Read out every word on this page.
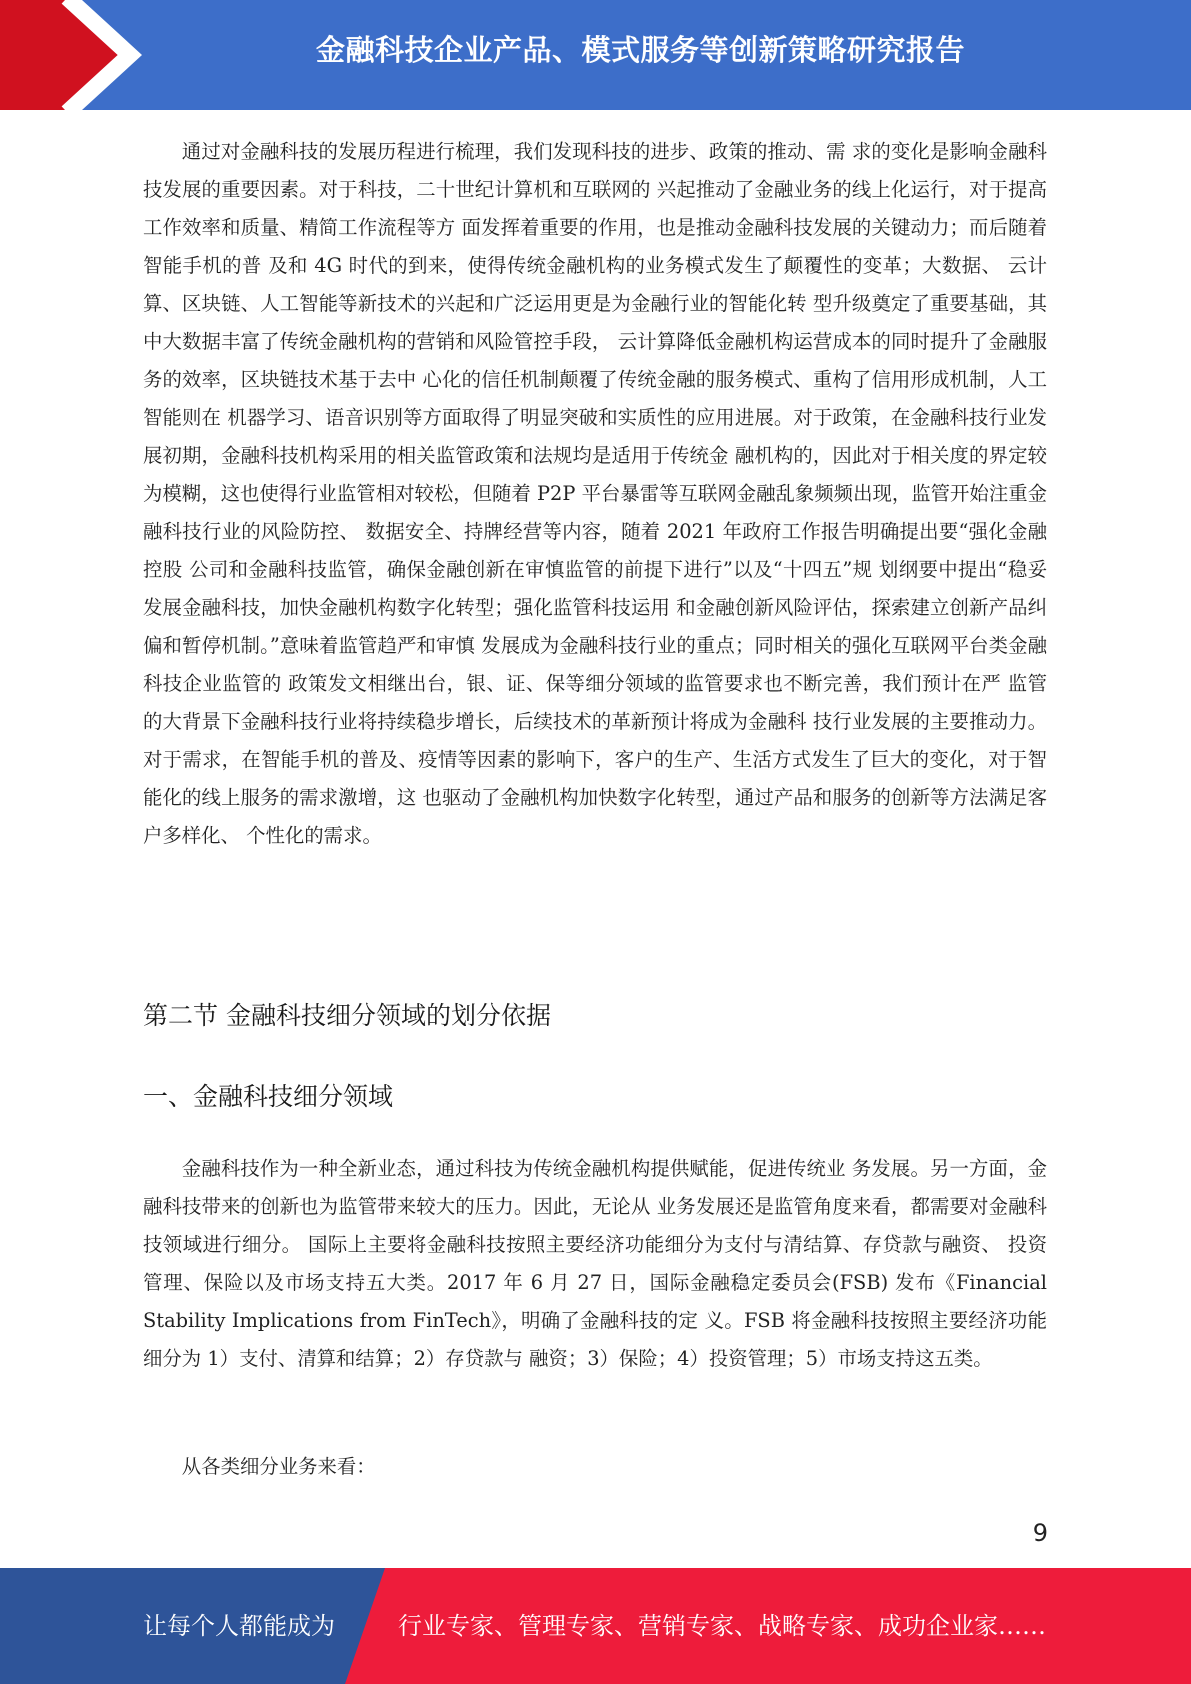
金融科技企业产品、模式服务等创新策略研究报告

通过对金融科技的发展历程进行梳理，我们发现科技的进步、政策的推动、需 求的变化是影响金融科技发展的重要因素。对于科技，二十世纪计算机和互联网的 兴起推动了金融业务的线上化运行，对于提高工作效率和质量、精简工作流程等方 面发挥着重要的作用，也是推动金融科技发展的关键动力；而后随着智能手机的普 及和 4G 时代的到来，使得传统金融机构的业务模式发生了颠覆性的变革；大数据、 云计算、区块链、人工智能等新技术的兴起和广泛运用更是为金融行业的智能化转 型升级奠定了重要基础，其中大数据丰富了传统金融机构的营销和风险管控手段， 云计算降低金融机构运营成本的同时提升了金融服务的效率，区块链技术基于去中 心化的信任机制颠覆了传统金融的服务模式、重构了信用形成机制，人工智能则在 机器学习、语音识别等方面取得了明显突破和实质性的应用进展。对于政策，在金融科技行业发展初期，金融科技机构采用的相关监管政策和法规均是适用于传统金 融机构的，因此对于相关度的界定较为模糊，这也使得行业监管相对较松，但随着 P2P 平台暴雷等互联网金融乱象频频出现，监管开始注重金融科技行业的风险防控、 数据安全、持牌经营等内容，随着 2021 年政府工作报告明确提出要“强化金融控股 公司和金融科技监管，确保金融创新在审慎监管的前提下进行”以及“十四五”规 划纲要中提出“稳妥发展金融科技，加快金融机构数字化转型；强化监管科技运用 和金融创新风险评估，探索建立创新产品纠偏和暂停机制。”意味着监管趋严和审慎 发展成为金融科技行业的重点；同时相关的强化互联网平台类金融科技企业监管的 政策发文相继出台，银、证、保等细分领域的监管要求也不断完善，我们预计在严 监管的大背景下金融科技行业将持续稳步增长，后续技术的革新预计将成为金融科 技行业发展的主要推动力。对于需求，在智能手机的普及、疫情等因素的影响下，客户的生产、生活方式发生了巨大的变化，对于智能化的线上服务的需求激增，这 也驱动了金融机构加快数字化转型，通过产品和服务的创新等方法满足客户多样化、 个性化的需求。

第二节 金融科技细分领域的划分依据
一、金融科技细分领域

金融科技作为一种全新业态，通过科技为传统金融机构提供赋能，促进传统业 务发展。另一方面，金融科技带来的创新也为监管带来较大的压力。因此，无论从 业务发展还是监管角度来看，都需要对金融科技领域进行细分。 国际上主要将金融科技按照主要经济功能细分为支付与清结算、存贷款与融资、 投资管理、保险以及市场支持五大类。2017 年 6 月 27 日，国际金融稳定委员会(FSB) 发布《Financial Stability Implications from FinTech》，明确了金融科技的定 义。FSB 将金融科技按照主要经济功能细分为 1）支付、清算和结算；2）存贷款与 融资；3）保险；4）投资管理；5）市场支持这五类。

从各类细分业务来看：

9
让每个人都能成为	行业专家、管理专家、营销专家、战略专家、成功企业家……
